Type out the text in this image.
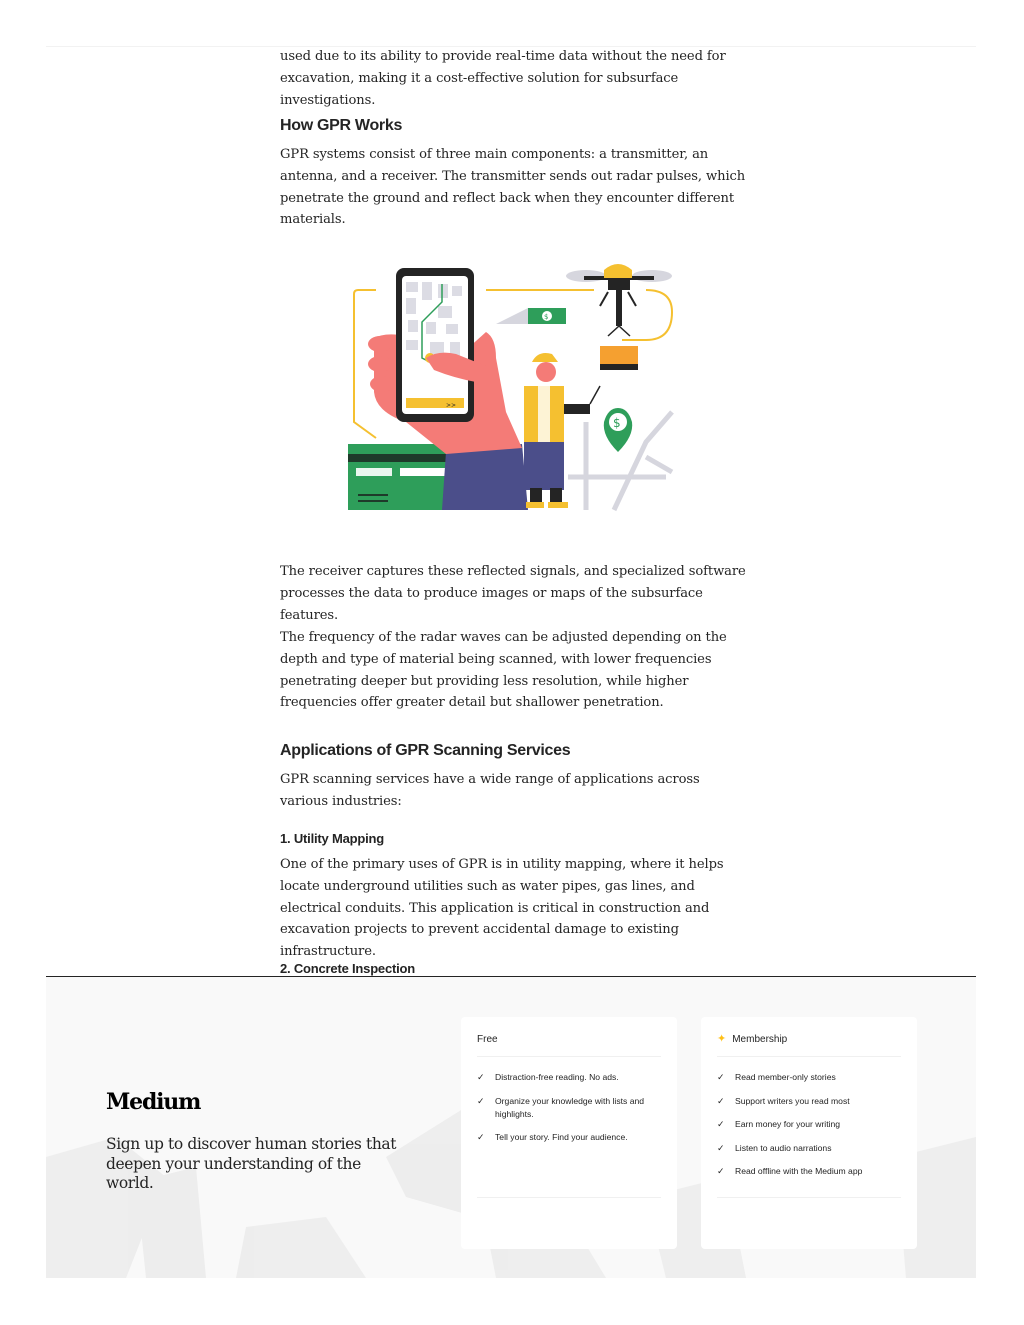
used due to its ability to provide real-time data without the need for excavation, making it a cost-effective solution for subsurface investigations.
How GPR Works
GPR systems consist of three main components: a transmitter, an antenna, and a receiver. The transmitter sends out radar pulses, which penetrate the ground and reflect back when they encounter different materials.
The receiver captures these reflected signals, and specialized software processes the data to produce images or maps of the subsurface features.
The frequency of the radar waves can be adjusted depending on the depth and type of material being scanned, with lower frequencies penetrating deeper but providing less resolution, while higher frequencies offer greater detail but shallower penetration.
Applications of GPR Scanning Services
GPR scanning services have a wide range of applications across various industries:
1. Utility Mapping
One of the primary uses of GPR is in utility mapping, where it helps locate underground utilities such as water pipes, gas lines, and electrical conduits. This application is critical in construction and excavation projects to prevent accidental damage to existing infrastructure.
2. Concrete Inspection
>>
$
$
Medium
Sign up to discover human stories that deepen your understanding of the world.
Free
✓ Distraction-free reading. No ads.
✓ Organize your knowledge with lists and highlights.
✓ Tell your story. Find your audience.
✦ Membership
✓ Read member-only stories
✓ Support writers you read most
✓ Earn money for your writing
✓ Listen to audio narrations
✓ Read offline with the Medium app
